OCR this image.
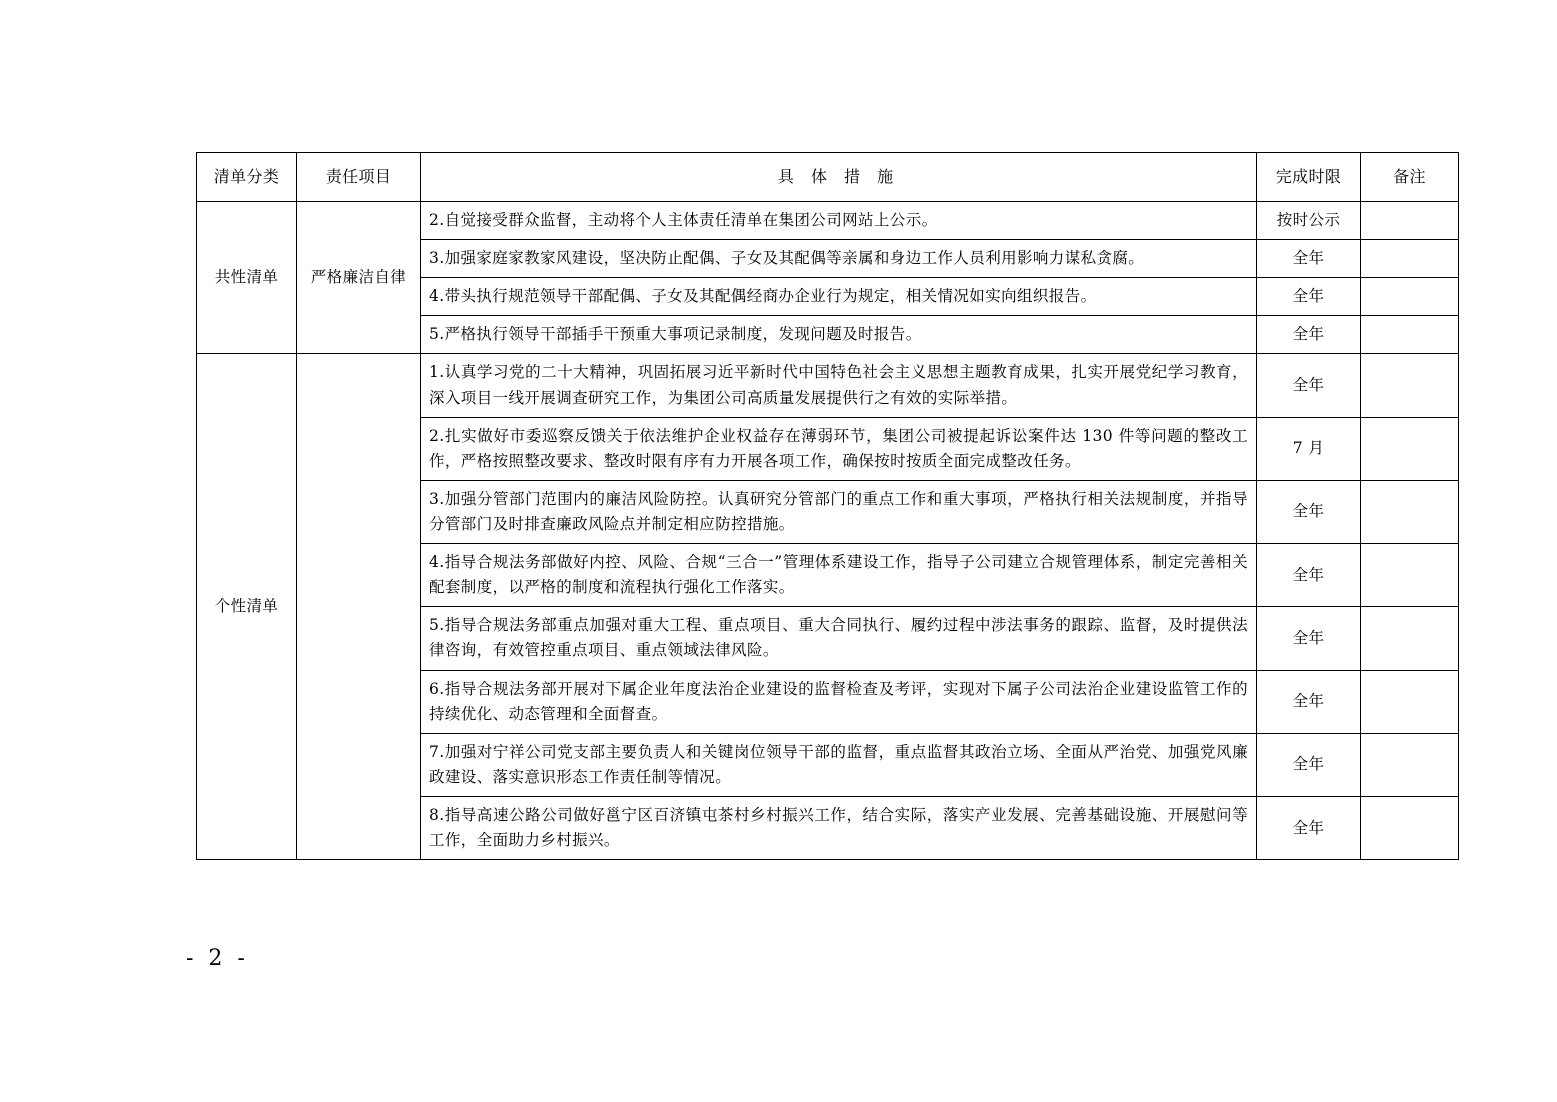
清单分类	责任项目	具 体 措 施	完成时限	备注
共性清单	严格廉洁自律	2.自觉接受群众监督，主动将个人主体责任清单在集团公司网站上公示。	按时公示	
		3.加强家庭家教家风建设，坚决防止配偶、子女及其配偶等亲属和身边工作人员利用影响力谋私贪腐。	全年	
		4.带头执行规范领导干部配偶、子女及其配偶经商办企业行为规定，相关情况如实向组织报告。	全年	
		5.严格执行领导干部插手干预重大事项记录制度，发现问题及时报告。	全年	
个性清单		1.认真学习党的二十大精神，巩固拓展习近平新时代中国特色社会主义思想主题教育成果，扎实开展党纪学习教育，深入项目一线开展调查研究工作，为集团公司高质量发展提供行之有效的实际举措。	全年	
		2.扎实做好市委巡察反馈关于依法维护企业权益存在薄弱环节，集团公司被提起诉讼案件达 130 件等问题的整改工作，严格按照整改要求、整改时限有序有力开展各项工作，确保按时按质全面完成整改任务。	7 月	
		3.加强分管部门范围内的廉洁风险防控。认真研究分管部门的重点工作和重大事项，严格执行相关法规制度，并指导分管部门及时排查廉政风险点并制定相应防控措施。	全年	
		4.指导合规法务部做好内控、风险、合规“三合一”管理体系建设工作，指导子公司建立合规管理体系，制定完善相关配套制度，以严格的制度和流程执行强化工作落实。	全年	
		5.指导合规法务部重点加强对重大工程、重点项目、重大合同执行、履约过程中涉法事务的跟踪、监督，及时提供法律咨询，有效管控重点项目、重点领域法律风险。	全年	
		6.指导合规法务部开展对下属企业年度法治企业建设的监督检查及考评，实现对下属子公司法治企业建设监管工作的持续优化、动态管理和全面督查。	全年	
		7.加强对宁祥公司党支部主要负责人和关键岗位领导干部的监督，重点监督其政治立场、全面从严治党、加强党风廉政建设、落实意识形态工作责任制等情况。	全年	
		8.指导高速公路公司做好邕宁区百济镇屯茶村乡村振兴工作，结合实际，落实产业发展、完善基础设施、开展慰问等工作，全面助力乡村振兴。	全年	
- 2 -
